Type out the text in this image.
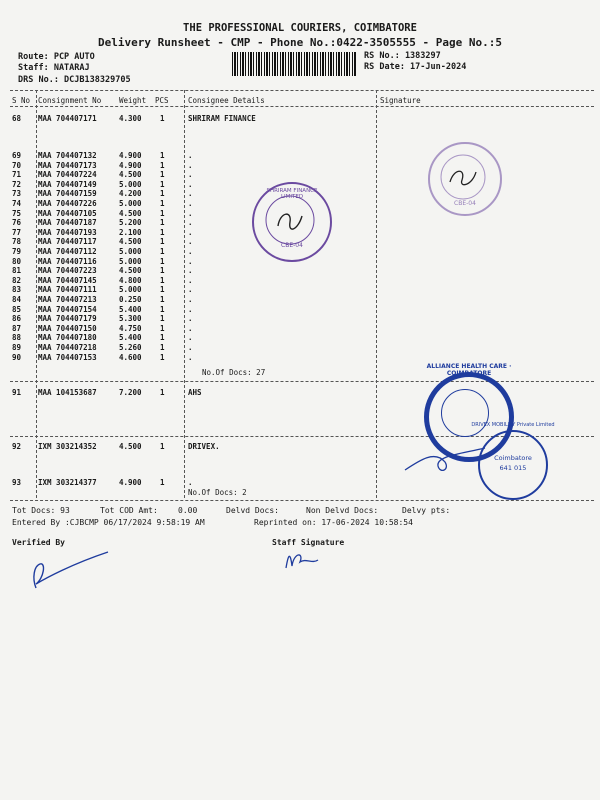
THE PROFESSIONAL COURIERS, COIMBATORE
Delivery Runsheet - CMP - Phone No.:0422-3505555 - Page No.:5
Route: PCP AUTO
Staff: NATARAJ
DRS No.: DCJB138329705
RS No.: 1383297
RS Date: 17-Jun-2024
S No Consignment No Weight PCS	Consignee Details	Signature
68 MAA 704407171	4.300 1	SHRIRAM FINANCE
69 MAA 704407132	4.900 1	.
70 MAA 704407173	4.900 1	.
71 MAA 704407224	4.500 1	.
72 MAA 704407149	5.000 1	.
73 MAA 704407159	4.200 1	.
74 MAA 704407226	5.000 1	.
75 MAA 704407105	4.500 1	.
76 MAA 704407187	5.200 1	.
77 MAA 704407193	2.100 1	.
78 MAA 704407117	4.500 1	.
79 MAA 704407112	5.000 1	.
80 MAA 704407116	5.000 1	.
81 MAA 704407223	4.500 1	.
82 MAA 704407145	4.800 1	.
83 MAA 704407111	5.000 1	.
84 MAA 704407213	0.250 1	.
85 MAA 704407154	5.400 1	.
86 MAA 704407179	5.300 1	.
87 MAA 704407150	4.750 1	.
88 MAA 704407180	5.400 1	.
89 MAA 704407218	5.260 1	.
90 MAA 704407153	4.600 1	.
91 MAA 104153687	7.200 1	AHS
92 IXM 303214352	4.500 1	DRIVEX.
93 IXM 303214377	4.900 1	.
No.Of Docs: 27
No.Of Docs: 2
SHRIRAM FINANCE LIMITED
CBE-04
CBE-04
ALLIANCE HEALTH CARE · COIMBATORE
DRIVEX MOBILITY Private Limited
Coimbatore
641 015
Tot Docs: 93	Tot COD Amt:	0.00	Delvd Docs:	Non Delvd Docs:	Delvy pts:
Entered By :CJBCMP 06/17/2024 9:58:19 AM	Reprinted on: 17-06-2024 10:58:54
Verified By	Staff Signature
